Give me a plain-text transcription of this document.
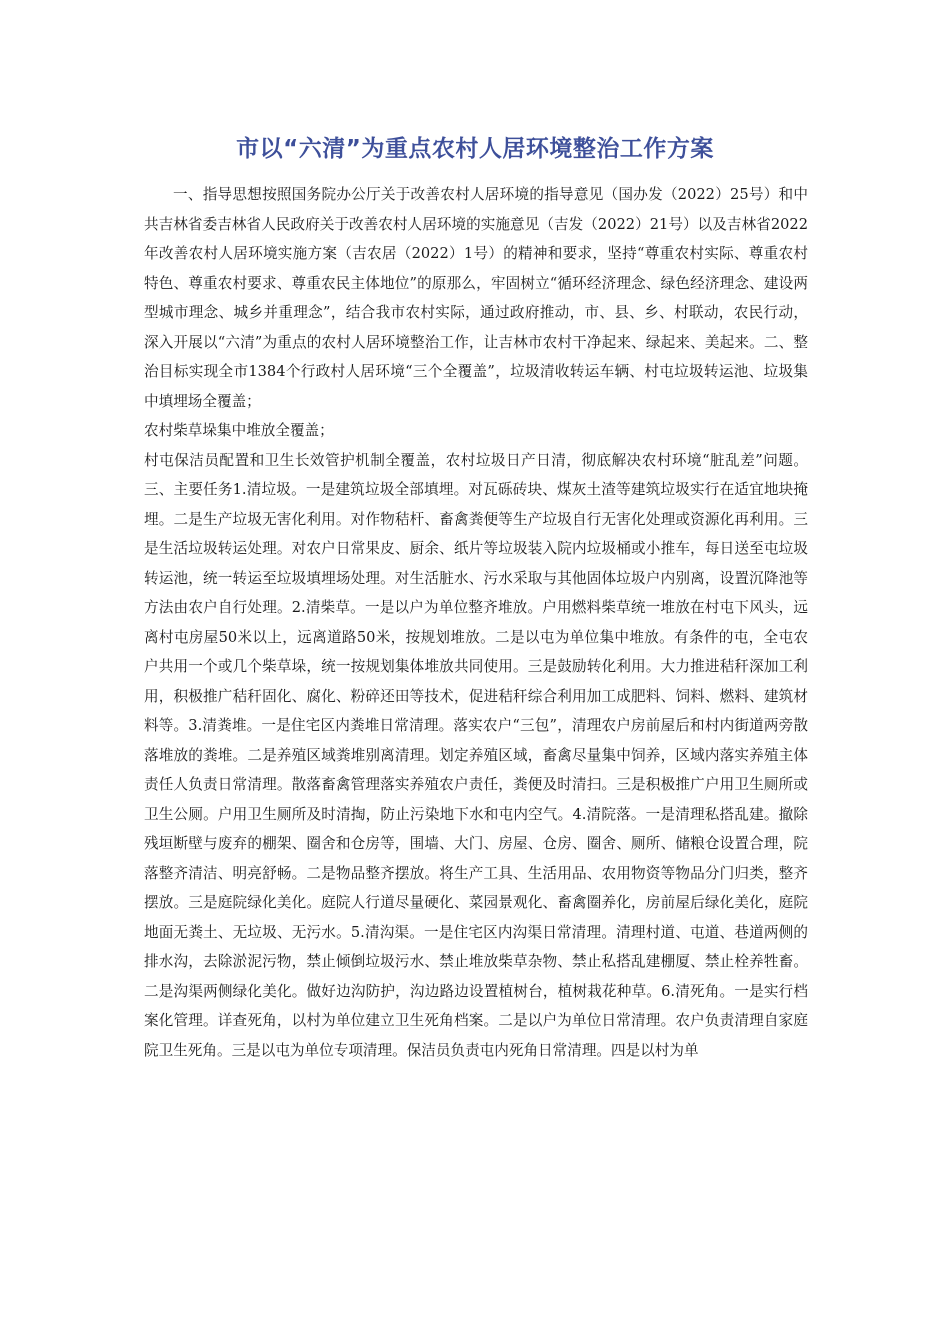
市以“六清”为重点农村人居环境整治工作方案

一、指导思想按照国务院办公厅关于改善农村人居环境的指导意见（国办发（2022）25号）和中共吉林省委吉林省人民政府关于改善农村人居环境的实施意见（吉发（2022）21号）以及吉林省2022年改善农村人居环境实施方案（吉农居（2022）1号）的精神和要求，坚持“尊重农村实际、尊重农村特色、尊重农村要求、尊重农民主体地位”的原那么，牢固树立“循环经济理念、绿色经济理念、建设两型城市理念、城乡并重理念”，结合我市农村实际，通过政府推动，市、县、乡、村联动，农民行动，深入开展以“六清”为重点的农村人居环境整治工作，让吉林市农村干净起来、绿起来、美起来。二、整治目标实现全市1384个行政村人居环境“三个全覆盖”，垃圾清收转运车辆、村屯垃圾转运池、垃圾集中填埋场全覆盖；

农村柴草垛集中堆放全覆盖；

村屯保洁员配置和卫生长效管护机制全覆盖，农村垃圾日产日清，彻底解决农村环境“脏乱差”问题。三、主要任务1.清垃圾。一是建筑垃圾全部填埋。对瓦砾砖块、煤灰土渣等建筑垃圾实行在适宜地块掩埋。二是生产垃圾无害化利用。对作物秸杆、畜禽粪便等生产垃圾自行无害化处理或资源化再利用。三是生活垃圾转运处理。对农户日常果皮、厨余、纸片等垃圾装入院内垃圾桶或小推车，每日送至屯垃圾转运池，统一转运至垃圾填埋场处理。对生活脏水、污水采取与其他固体垃圾户内别离，设置沉降池等方法由农户自行处理。2.清柴草。一是以户为单位整齐堆放。户用燃料柴草统一堆放在村屯下风头，远离村屯房屋50米以上，远离道路50米，按规划堆放。二是以屯为单位集中堆放。有条件的屯，全屯农户共用一个或几个柴草垛，统一按规划集体堆放共同使用。三是鼓励转化利用。大力推进秸秆深加工利用，积极推广秸秆固化、腐化、粉碎还田等技术，促进秸秆综合利用加工成肥料、饲料、燃料、建筑材料等。3.清粪堆。一是住宅区内粪堆日常清理。落实农户“三包”，清理农户房前屋后和村内街道两旁散落堆放的粪堆。二是养殖区域粪堆别离清理。划定养殖区域，畜禽尽量集中饲养，区域内落实养殖主体责任人负责日常清理。散落畜禽管理落实养殖农户责任，粪便及时清扫。三是积极推广户用卫生厕所或卫生公厕。户用卫生厕所及时清掏，防止污染地下水和屯内空气。4.清院落。一是清理私搭乱建。撤除残垣断壁与废弃的棚架、圈舍和仓房等，围墙、大门、房屋、仓房、圈舍、厕所、储粮仓设置合理，院落整齐清洁、明亮舒畅。二是物品整齐摆放。将生产工具、生活用品、农用物资等物品分门归类，整齐摆放。三是庭院绿化美化。庭院人行道尽量硬化、菜园景观化、畜禽圈养化，房前屋后绿化美化，庭院地面无粪土、无垃圾、无污水。5.清沟渠。一是住宅区内沟渠日常清理。清理村道、屯道、巷道两侧的排水沟，去除淤泥污物，禁止倾倒垃圾污水、禁止堆放柴草杂物、禁止私搭乱建棚厦、禁止栓养牲畜。二是沟渠两侧绿化美化。做好边沟防护，沟边路边设置植树台，植树栽花种草。6.清死角。一是实行档案化管理。详查死角，以村为单位建立卫生死角档案。二是以户为单位日常清理。农户负责清理自家庭院卫生死角。三是以屯为单位专项清理。保洁员负责屯内死角日常清理。四是以村为单
